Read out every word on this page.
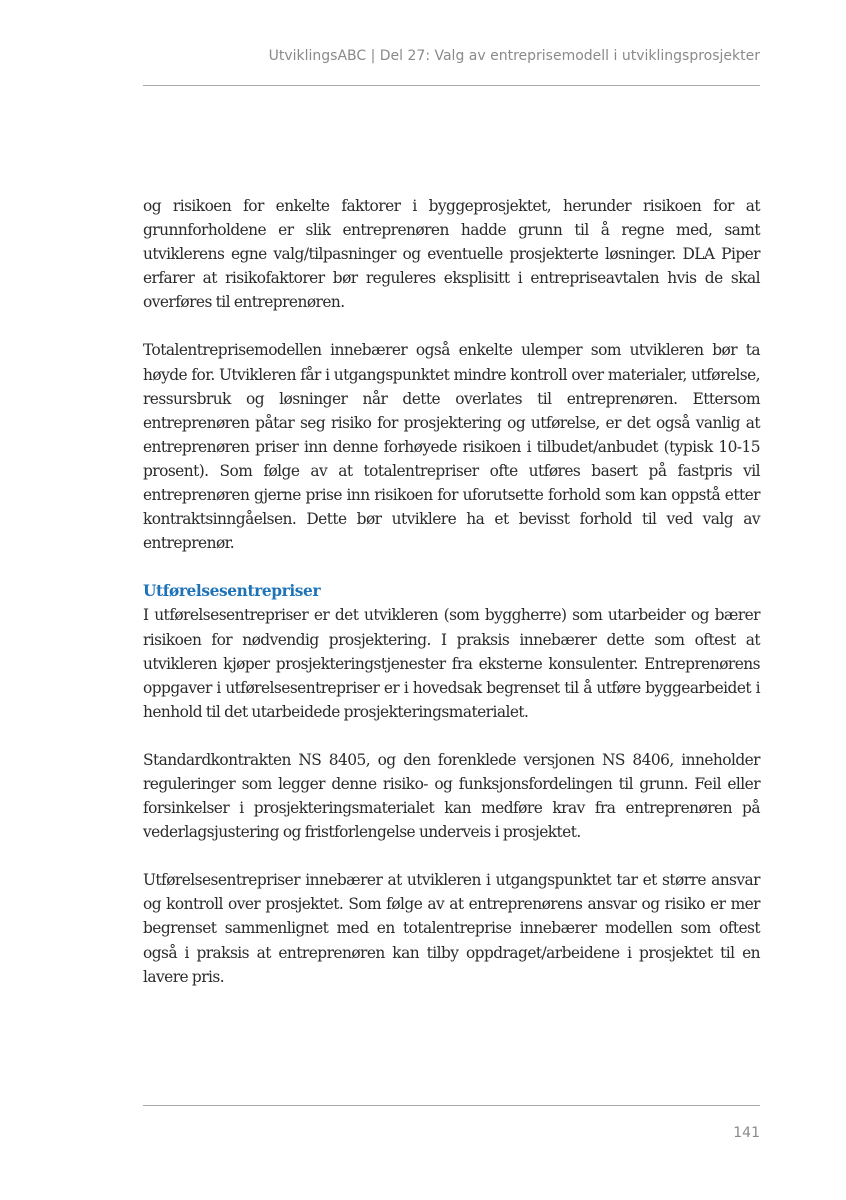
UtviklingsABC | Del 27: Valg av entreprisemodell i utviklingsprosjekter

og risikoen for enkelte faktorer i byggeprosjektet, herunder risikoen for at grunnforholdene er slik entreprenøren hadde grunn til å regne med, samt utviklerens egne valg/tilpasninger og eventuelle prosjekterte løsninger. DLA Piper erfarer at risikofaktorer bør reguleres eksplisitt i entrepriseavtalen hvis de skal overføres til entreprenøren.

Totalentreprisemodellen innebærer også enkelte ulemper som utvikleren bør ta høyde for. Utvikleren får i utgangspunktet mindre kontroll over materialer, utførelse, ressursbruk og løsninger når dette overlates til entreprenøren. Ettersom entreprenøren påtar seg risiko for prosjektering og utførelse, er det også vanlig at entreprenøren priser inn denne forhøyede risikoen i tilbudet/anbudet (typisk 10-15 prosent). Som følge av at totalentrepriser ofte utføres basert på fastpris vil entreprenøren gjerne prise inn risikoen for uforutsette forhold som kan oppstå etter kontraktsinngåelsen. Dette bør utviklere ha et bevisst forhold til ved valg av entreprenør.

Utførelsesentrepriser

I utførelsesentrepriser er det utvikleren (som byggherre) som utarbeider og bærer risikoen for nødvendig prosjektering. I praksis innebærer dette som oftest at utvikleren kjøper prosjekteringstjenester fra eksterne konsulenter. Entreprenørens oppgaver i utførelsesentrepriser er i hovedsak begrenset til å utføre byggearbeidet i henhold til det utarbeidede prosjekteringsmaterialet.

Standardkontrakten NS 8405, og den forenklede versjonen NS 8406, inneholder reguleringer som legger denne risiko- og funksjonsfordelingen til grunn. Feil eller forsinkelser i prosjekteringsmaterialet kan medføre krav fra entreprenøren på vederlagsjustering og fristforlengelse underveis i prosjektet.

Utførelsesentrepriser innebærer at utvikleren i utgangspunktet tar et større ansvar og kontroll over prosjektet. Som følge av at entreprenørens ansvar og risiko er mer begrenset sammenlignet med en totalentreprise innebærer modellen som oftest også i praksis at entreprenøren kan tilby oppdraget/arbeidene i prosjektet til en lavere pris.

141
